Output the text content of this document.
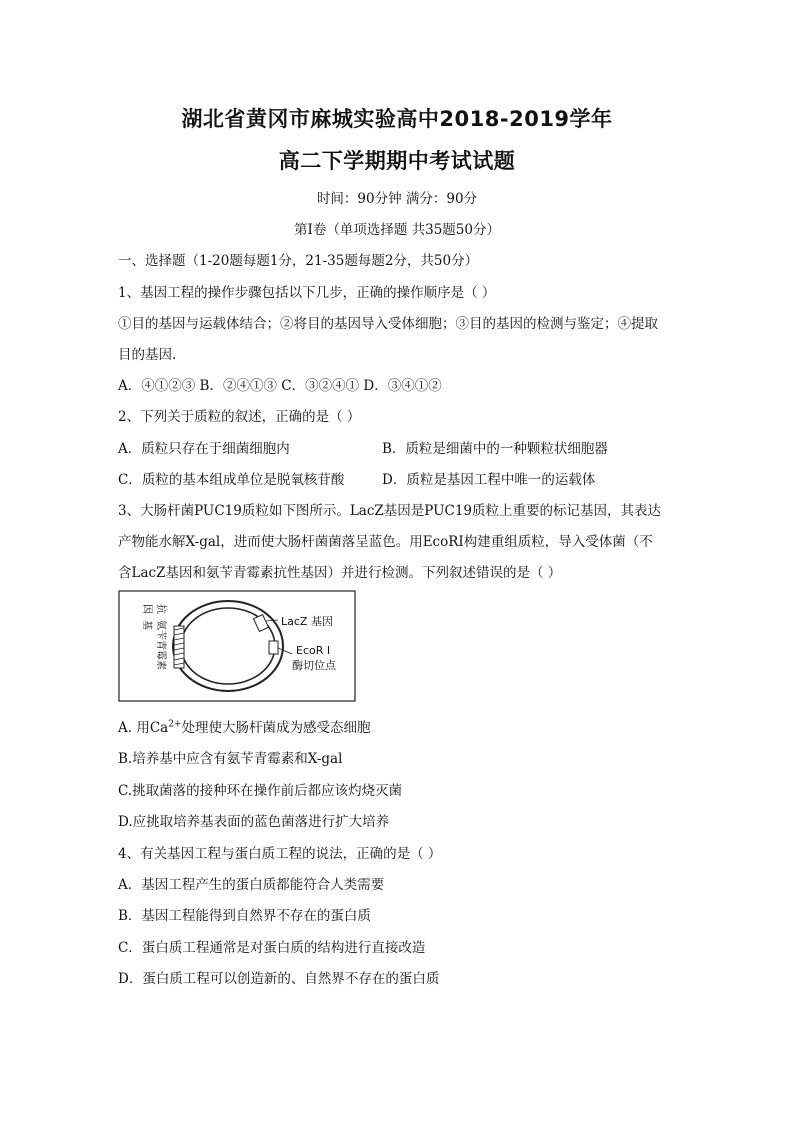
湖北省黄冈市麻城实验高中2018-2019学年
高二下学期期中考试试题
时间：90分钟 满分：90分
第Ⅰ卷（单项选择题 共35题50分）
一、选择题（1-20题每题1分，21-35题每题2分，共50分）
1、基因工程的操作步骤包括以下几步，正确的操作顺序是（ ）
①目的基因与运载体结合；②将目的基因导入受体细胞；③目的基因的检测与鉴定；④提取
目的基因.
A．④①②③ B．②④①③ C．③②④① D．③④①②
2、下列关于质粒的叙述，正确的是（ ）
A．质粒只存在于细菌细胞内	B．质粒是细菌中的一种颗粒状细胞器
C．质粒的基本组成单位是脱氧核苷酸	D．质粒是基因工程中唯一的运载体
3、大肠杆菌PUC19质粒如下图所示。LacZ基因是PUC19质粒上重要的标记基因，其表达
产物能水解X-gal，进而使大肠杆菌菌落呈蓝色。用EcoRI构建重组质粒，导入受体菌（不
含LacZ基因和氨苄青霉素抗性基因）并进行检测。下列叙述错误的是（ ）
LacZ 基因
EcoR I
酶切位点
抗
氨苄青霉素
因
基
A. 用$Ca^{2+}$处理使大肠杆菌成为感受态细胞
B.培养基中应含有氨苄青霉素和X-gal
C.挑取菌落的接种环在操作前后都应该灼烧灭菌
D.应挑取培养基表面的蓝色菌落进行扩大培养
4、有关基因工程与蛋白质工程的说法，正确的是（ ）
A．基因工程产生的蛋白质都能符合人类需要
B．基因工程能得到自然界不存在的蛋白质
C．蛋白质工程通常是对蛋白质的结构进行直接改造
D．蛋白质工程可以创造新的、自然界不存在的蛋白质
